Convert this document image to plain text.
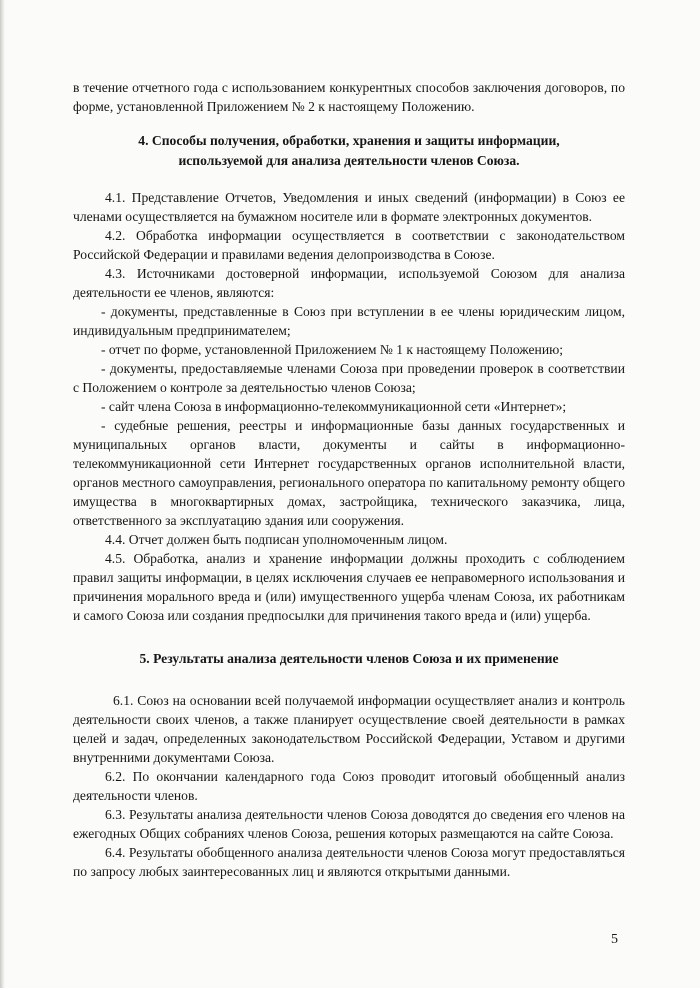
в течение отчетного года с использованием конкурентных способов заключения договоров, по форме, установленной Приложением № 2 к настоящему Положению.

4. Способы получения, обработки, хранения и защиты информации,
используемой для анализа деятельности членов Союза.

4.1. Представление Отчетов, Уведомления и иных сведений (информации) в Союз ее членами осуществляется на бумажном носителе или в формате электронных документов.

4.2. Обработка информации осуществляется в соответствии с законодательством Российской Федерации и правилами ведения делопроизводства в Союзе.

4.3. Источниками достоверной информации, используемой Союзом для анализа деятельности ее членов, являются:

- документы, представленные в Союз при вступлении в ее члены юридическим лицом, индивидуальным предпринимателем;

- отчет по форме, установленной Приложением № 1 к настоящему Положению;

- документы, предоставляемые членами Союза при проведении проверок в соответствии с Положением о контроле за деятельностью членов Союза;

- сайт члена Союза в информационно-телекоммуникационной сети «Интернет»;

- судебные решения, реестры и информационные базы данных государственных и муниципальных органов власти, документы и сайты в информационно-телекоммуникационной сети Интернет государственных органов исполнительной власти, органов местного самоуправления, регионального оператора по капитальному ремонту общего имущества в многоквартирных домах, застройщика, технического заказчика, лица, ответственного за эксплуатацию здания или сооружения.

4.4. Отчет должен быть подписан уполномоченным лицом.

4.5. Обработка, анализ и хранение информации должны проходить с соблюдением правил защиты информации, в целях исключения случаев ее неправомерного использования и причинения морального вреда и (или) имущественного ущерба членам Союза, их работникам и самого Союза или создания предпосылки для причинения такого вреда и (или) ущерба.

5. Результаты анализа деятельности членов Союза и их применение

6.1. Союз на основании всей получаемой информации осуществляет анализ и контроль деятельности своих членов, а также планирует осуществление своей деятельности в рамках целей и задач, определенных законодательством Российской Федерации, Уставом и другими внутренними документами Союза.

6.2. По окончании календарного года Союз проводит итоговый обобщенный анализ деятельности членов.

6.3. Результаты анализа деятельности членов Союза доводятся до сведения его членов на ежегодных Общих собраниях членов Союза, решения которых размещаются на сайте Союза.

6.4. Результаты обобщенного анализа деятельности членов Союза могут предоставляться по запросу любых заинтересованных лиц и являются открытыми данными.

5
